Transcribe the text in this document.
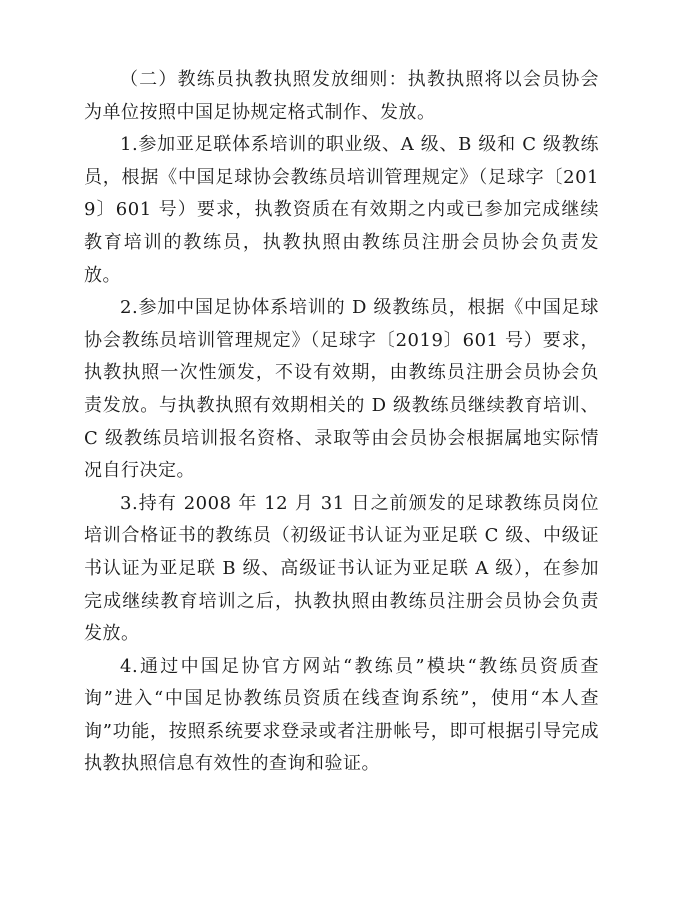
（二）教练员执教执照发放细则：执教执照将以会员协会为单位按照中国足协规定格式制作、发放。

1.参加亚足联体系培训的职业级、A 级、B 级和 C 级教练员，根据《中国足球协会教练员培训管理规定》（足球字〔2019〕601 号）要求，执教资质在有效期之内或已参加完成继续教育培训的教练员，执教执照由教练员注册会员协会负责发放。

2.参加中国足协体系培训的 D 级教练员，根据《中国足球协会教练员培训管理规定》（足球字〔2019〕601 号）要求，执教执照一次性颁发，不设有效期，由教练员注册会员协会负责发放。与执教执照有效期相关的 D 级教练员继续教育培训、C 级教练员培训报名资格、录取等由会员协会根据属地实际情况自行决定。

3.持有 2008 年 12 月 31 日之前颁发的足球教练员岗位培训合格证书的教练员（初级证书认证为亚足联 C 级、中级证书认证为亚足联 B 级、高级证书认证为亚足联 A 级），在参加完成继续教育培训之后，执教执照由教练员注册会员协会负责发放。

4.通过中国足协官方网站“教练员”模块“教练员资质查询”进入“中国足协教练员资质在线查询系统”，使用“本人查询”功能，按照系统要求登录或者注册帐号，即可根据引导完成执教执照信息有效性的查询和验证。
